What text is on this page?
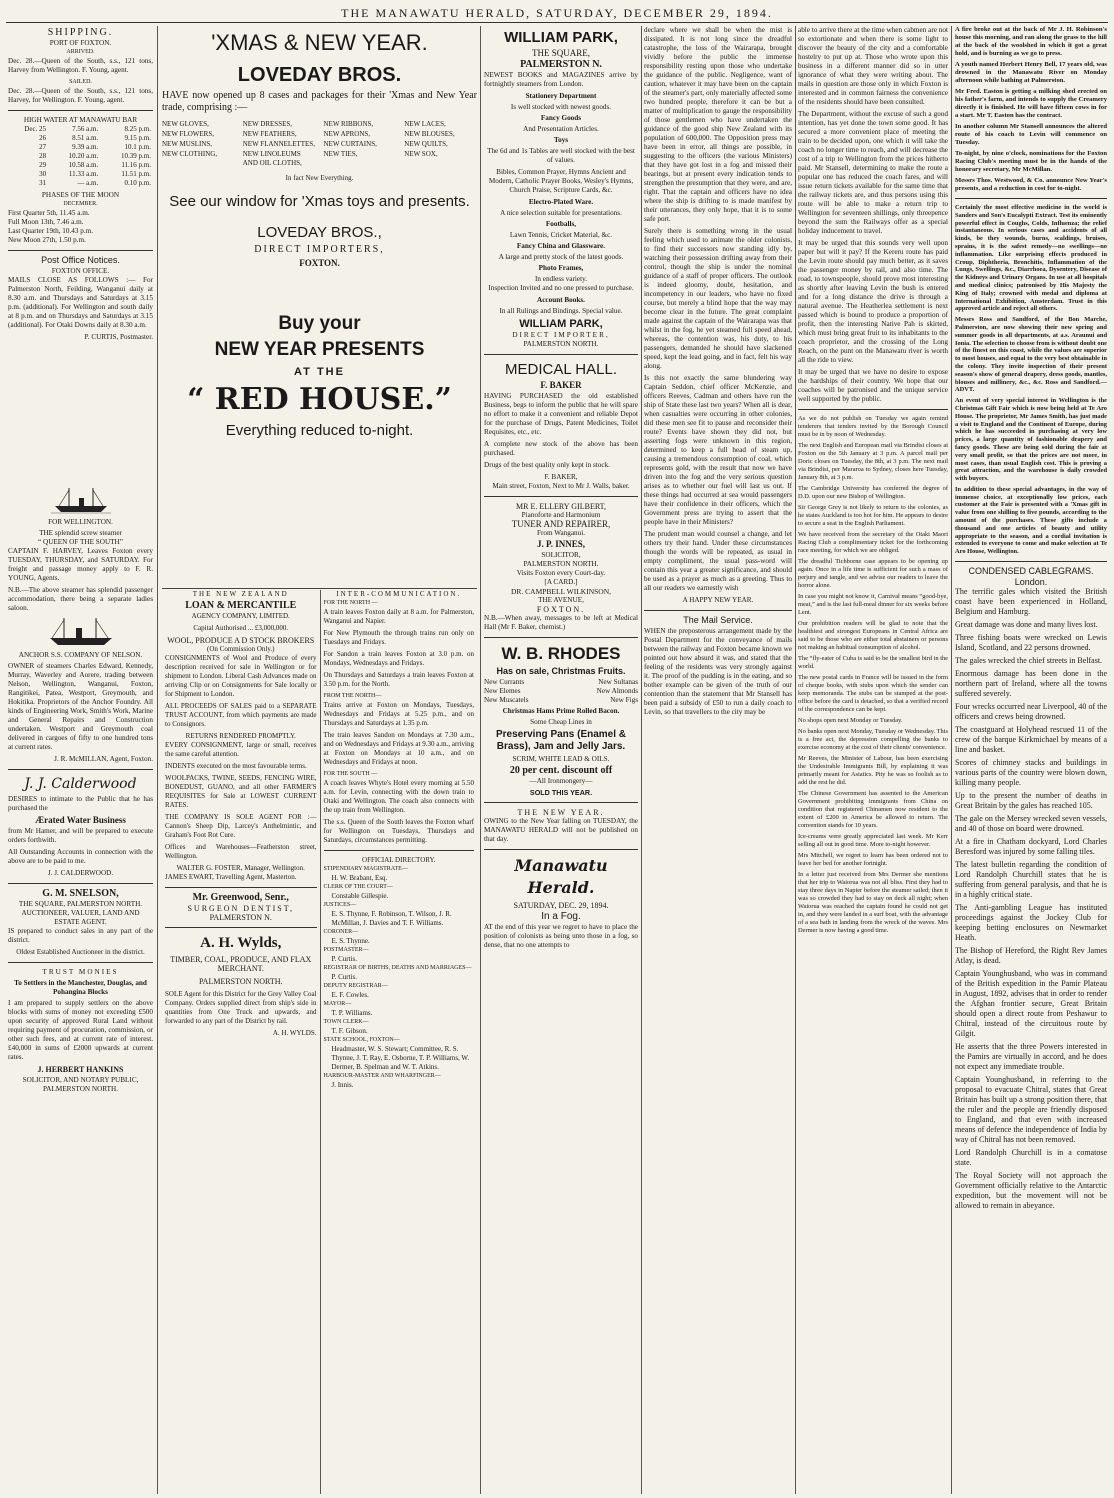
THE MANAWATU HERALD, SATURDAY, DECEMBER 29, 1894.
SHIPPING.
PORT OF FOXTON.
ARRIVED.

Dec. 28.—Queen of the South, s.s., 121 tons, Harvey from Wellington. F. Young, agent.

SAILED.

Dec. 28.—Queen of the South, s.s., 121 tons, Harvey, for Wellington. F. Young, agent.

HIGH WATER AT MANAWATU BAR
Dec. 25	7.56 a.m.	8.25 p.m.
26	8.51 a.m.	9.15 p.m.
27	9.39 a.m.	10.1 p.m.
28	10.20 a.m.	10.39 p.m.
29	10.58 a.m.	11.16 p.m.
30	11.33 a.m.	11.51 p.m.
31	— a.m.	0.10 p.m.
PHASES OF THE MOON
DECEMBER.
First Quarter 5th, 11.45 a.m.
Full Moon 13th, 7.46 a.m.
Last Quarter 19th, 10.43 p.m.
New Moon 27th, 1.50 p.m.
Post Office Notices.
FOXTON OFFICE.

MAILS CLOSE AS FOLLOWS :— For Palmerston North, Feilding, Wanganui daily at 8.30 a.m. and Thursdays and Saturdays at 3.15 p.m. (additional). For Wellington and south daily at 8 p.m. and on Thursdays and Saturdays at 3.15 (additional). For Otaki Downs daily at 8.30 a.m.

P. CURTIS, Postmaster.
FOR WELLINGTON.
THE splendid screw steamer
“ QUEEN OF THE SOUTH”

CAPTAIN F. HARVEY, Leaves Foxton every TUESDAY, THURSDAY, and SATURDAY. For freight and passage money apply to F. R. YOUNG, Agents.

N.B.—The above steamer has splendid passenger accommodation, there being a separate ladies saloon.

ANCHOR S.S. COMPANY OF NELSON.

OWNER of steamers Charles Edward, Kennedy, Murray, Waverley and Aorere, trading between Nelson, Wellington, Wanganui, Foxton, Rangitikei, Patea, Westport, Greymouth, and Hokitika. Proprietors of the Anchor Foundry. All kinds of Engineering Work, Smith's Work, Marine and General Repairs and Construction undertaken. Westport and Greymouth coal delivered in cargoes of fifty to one hundred tons at current rates.

J. R. McMILLAN, Agent, Foxton.
J. J. Calderwood

DESIRES to intimate to the Public that he has purchased the

Ærated Water Business

from Mr Hamer, and will be prepared to execute orders forthwith.

All Outstanding Accounts in connection with the above are to be paid to me.

J. J. CALDERWOOD.
G. M. SNELSON,
THE SQUARE, PALMERSTON NORTH.
AUCTIONEER, VALUER, LAND AND ESTATE AGENT.

IS prepared to conduct sales in any part of the district.

Oldest Established Auctioneer in the district.
TRUST MONIES
To Settlers in the Manchester, Douglas, and Pohangina Blocks

I am prepared to supply settlers on the above blocks with sums of money not exceeding £500 upon security of approved Rural Land without requiring payment of procuration, commission, or other such fees, and at current rate of interest. £40,000 in sums of £2000 upwards at current rates.

J. HERBERT HANKINS
SOLICITOR, AND NOTARY PUBLIC,
PALMERSTON NORTH.
'XMAS & NEW YEAR.
LOVEDAY BROS.

HAVE now opened up 8 cases and packages for their 'Xmas and New Year trade, comprising :—

NEW GLOVES,	NEW DRESSES,	NEW RIBBONS,	NEW LACES,
NEW FLOWERS,	NEW FEATHERS,	NEW APRONS,	NEW BLOUSES,
NEW MUSLINS,	NEW FLANNELETTES, NEW CURTAINS,	NEW QUILTS,
NEW CLOTHING,	NEW LINOLEUMS AND OIL CLOTHS,
NEW TIES,	NEW SOX,
In fact New Everything.
See our window for 'Xmas toys and presents.
LOVEDAY BROS.,
DIRECT IMPORTERS,
FOXTON.
Buy your
NEW YEAR PRESENTS
AT THE
“ RED HOUSE.”
Everything reduced to-night.
THE NEW ZEALAND
LOAN & MERCANTILE
AGENCY COMPANY, LIMITED.
Capital Authorised ... £3,000,000.
WOOL, PRODUCE A D STOCK BROKERS
(On Commission Only.)

CONSIGNMENTS of Wool and Produce of every description received for sale in Wellington or for shipment to London. Liberal Cash Advances made on arriving Clip or on Consignments for Sale locally or for Shipment to London.

ALL PROCEEDS OF SALES paid to a SEPARATE TRUST ACCOUNT, from which payments are made to Consignors.

RETURNS RENDERED PROMPTLY.

EVERY CONSIGNMENT, large or small, receives the same careful attention.

INDENTS executed on the most favourable terms.

WOOLPACKS, TWINE, SEEDS, FENCING WIRE, BONEDUST, GUANO, and all other FARMER'S REQUISITES for Sale at LOWEST CURRENT RATES.

THE COMPANY IS SOLE AGENT FOR :—Cannon's Sheep Dip, Larcey's Anthelmintic, and Graham's Foot Rot Cure.

Offices and Warehouses—Featherston street, Wellington.

WALTER G. FOSTER, Manager, Wellington.
JAMES EWART, Travelling Agent, Masterton.
Mr. Greenwood, Senr.,
SURGEON DENTIST,
PALMERSTON N.
A. H. Wylds,
TIMBER, COAL, PRODUCE, AND FLAX MERCHANT.
PALMERSTON NORTH.

SOLE Agent for this District for the Grey Valley Coal Company. Orders supplied direct from ship's side in quantities from One Truck and upwards, and forwarded to any part of the District by rail.

A. H. WYLDS.
INTER-COMMUNICATION.
FOR THE NORTH —

A train leaves Foxton daily at 8 a.m. for Palmerston, Wanganui and Napier.

For New Plymouth the through trains run only on Tuesdays and Fridays.

For Sandon a train leaves Foxton at 3.0 p.m. on Mondays, Wednesdays and Fridays.

On Thursdays and Saturdays a train leaves Foxton at 3.50 p.m. for the North.

FROM THE NORTH—

Trains arrive at Foxton on Mondays, Tuesdays, Wednesdays and Fridays at 5.25 p.m., and on Thursdays and Saturdays at 1.35 p.m.

The train leaves Sandon on Mondays at 7.30 a.m., and on Wednesdays and Fridays at 9.30 a.m., arriving at Foxton on Mondays at 10 a.m., and on Wednesdays and Fridays at noon.

FOR THE SOUTH —

A coach leaves Whyte's Hotel every morning at 5.50 a.m. for Levin, connecting with the down train to Otaki and Wellington. The coach also connects with the up train from Wellington.

The s.s. Queen of the South leaves the Foxton wharf for Wellington on Tuesdays, Thursdays and Saturdays, circumstances permitting.

OFFICIAL DIRECTORY.
STIPENDIARY MAGISTRATE—
H. W. Brabant, Esq.
CLERK OF THE COURT—
Constable Gillespie.
JUSTICES—
E. S. Thynne, F. Robinson, T. Wilson, J. R. McMillan, J. Davies and T. F. Williams.
CORONER—
E. S. Thynne.
POSTMASTER—
P. Curtis.
REGISTRAR OF BIRTHS, DEATHS AND MARRIAGES—
P. Curtis.
DEPUTY REGISTRAR—
E. F. Cowles.
MAYOR—
T. P. Williams.
TOWN CLERK—
T. F. Gibson.
STATE SCHOOL, FOXTON—
Headmaster, W. S. Stewart; Committee, R. S. Thynne, J. T. Ray, E. Osborne, T. P. Williams, W. Dermer, B. Spelman and W. T. Atkins.
HARBOUR-MASTER AND WHARFINGER—
J. Innis.
WILLIAM PARK,
THE SQUARE,
PALMERSTON N.

NEWEST BOOKS and MAGAZINES arrive by fortnightly steamers from London.

Stationery Department
Is well stocked with newest goods.
Fancy Goods
And Presentation Articles.
Toys

The 6d and 1s Tables are well stocked with the best of values.

Bibles, Common Prayer, Hymns Ancient and Modern, Catholic Prayer Books, Wesley's Hymns, Church Praise, Scripture Cards, &c.

Electro-Plated Ware.
A nice selection suitable for presentations.
Footballs,
Lawn Tennis, Cricket Material, &c.
Fancy China and Glassware.
A large and pretty stock of the latest goods.
Photo Frames,
In endless variety.

Inspection Invited and no one pressed to purchase.

Account Books.
In all Rulings and Bindings. Special value.
WILLIAM PARK,
DIRECT IMPORTER,
PALMERSTON NORTH.
MEDICAL HALL.
F. BAKER

HAVING PURCHASED the old established Business, begs to inform the public that he will spare no effort to make it a convenient and reliable Depot for the purchase of Drugs, Patent Medicines, Toilet Requisites, etc., etc.

A complete new stock of the above has been purchased.

Drugs of the best quality only kept in stock.

F. BAKER,
Main street, Foxton, Next to Mr J. Walls, baker.
MR E. ELLERY GILBERT,
Pianoforte and Harmonium
TUNER AND REPAIRER,
From Wanganui.
J. P. INNES,
SOLICITOR,
PALMERSTON NORTH.
Visits Foxton every Court-day.
[A CARD.]
DR. CAMPBELL WILKINSON,
THE AVENUE,
FOXTON.

N.B.—When away, messages to be left at Medical Hall (Mr F. Baker, chemist.)

W. B. RHODES
Has on sale, Christmas Fruits.
New Currants
New Elemes
New Muscatels
New Sultanas
New Almonds
New Figs
Christmas Hams Prime Rolled Bacon.
Some Cheap Lines in
Preserving Pans (Enamel & Brass), Jam and Jelly Jars.
SCRIM, WHITE LEAD & OILS.
20 per cent. discount off
—All Ironmongery—
SOLD THIS YEAR.
THE NEW YEAR.

OWING to the New Year falling on TUESDAY, the MANAWATU HERALD will not be published on that day.

Manawatu Herald.
SATURDAY, DEC. 29, 1894.
In a Fog.

AT the end of this year we regret to have to place the position of colonists as being unto those in a fog, so dense, that no one attempts to

declare where we shall be when the mist is dissipated. It is not long since the dreadful catastrophe, the loss of the Wairarapa, brought vividly before the public the immense responsibility resting upon those who undertake the guidance of the public. Negligence, want of caution, whatever it may have been on the captain of the steamer's part, only materially affected some two hundred people, therefore it can be but a matter of multiplication to gauge the responsibility of those gentlemen who have undertaken the guidance of the good ship New Zealand with its population of 600,000. The Opposition press may have been in error, all things are possible, in suggesting to the officers (the various Ministers) that they have got lost in a fog and missed their bearings, but at present every indication tends to strengthen the presumption that they were, and are, right. That the captain and officers have no idea where the ship is drifting to is made manifest by their utterances, they only hope, that it is to some safe port.

Surely there is something wrong in the usual feeling which used to animate the older colonists, to find their successors now standing idly by, watching their possession drifting away from their control, though the ship is under the nominal guidance of a staff of proper officers. The outlook is indeed gloomy, doubt, hesitation, and incompetency in our leaders, who have no fixed course, but merely a blind hope that the way may become clear in the future. The great complaint made against the captain of the Wairarapa was that whilst in the fog, he yet steamed full speed ahead, whereas, the contention was, his duty, to his passengers, demanded he should have slackened speed, kept the lead going, and in fact, felt his way along.

Is this not exactly the same blundering way Captain Seddon, chief officer McKenzie, and officers Reeves, Cadman and others have run the ship of State these last two years? When all is dear, when casualties were occurring in other colonies, did these men see fit to pause and reconsider their route? Events have shown they did not, but asserting fogs were unknown in this region, determined to keep a full head of steam up, causing a tremendous consumption of coal, which represents gold, with the result that now we have driven into the fog and the very serious question arises as to whether our fuel will last us out. If these things had occurred at sea would passengers have their confidence in their officers, which the Government press are trying to assert that the people have in their Ministers?

The prudent man would counsel a change, and let others try their hand. Under these circumstances though the words will be repeated, as usual in empty compliment, the usual pass-word will contain this year a greater significance, and should be used as a prayer as much as a greeting. Thus to all our readers we earnestly wish

A HAPPY NEW YEAR.
The Mail Service.

WHEN the preposterous arrangement made by the Postal Department for the conveyance of mails between the railway and Foxton became known we pointed out how absurd it was, and stated that the feeling of the residents was very strongly against it. The proof of the pudding is in the eating, and so bother example can be given of the truth of our contention than the statement that Mr Stansell has been paid a subsidy of £50 to run a daily coach to Levin, so that travellers to the city may be

able to arrive there at the time when cabmen are not so extortionate and when there is some light to discover the beauty of the city and a comfortable hostelry to put up at. Those who wrote upon this business in a different manner did so in utter ignorance of what they were writing about. The mails in question are those only in which Foxton is interested and in common fairness the convenience of the residents should have been consulted.

The Department, without the excuse of such a good intention, has yet done the town some good. It has secured a more convenient place of meeting the train to be decided upon, one which it will take the coach no longer time to reach, and will decrease the cost of a trip to Wellington from the prices hitherto paid. Mr Stansell, determining to make the route a popular one has reduced the coach fares, and will issue return tickets available for the same time that the railway tickets are, and thus persons using this route will be able to make a return trip to Wellington for seventeen shillings, only threepence beyond the sum the Railways offer as a special holiday inducement to travel.

It may be urged that this sounds very well upon paper but will it pay? If the Kereru route has paid the Levin route should pay much better, as it saves the passenger money by rail, and also time. The road, to townspeople, should prove most interesting as shortly after leaving Levin the bush is entered and for a long distance the drive is through a natural avenue. The Heatherlea settlement is next passed which is bound to produce a proportion of profit, then the interesting Native Pah is skirted, which must bring great fruit to its inhabitants to the coach proprietor, and the crossing of the Long Reach, on the punt on the Manawatu river is worth all the ride to view.

It may be urged that we have no desire to expose the hardships of their country. We hope that our coaches will be patronised and the unique service well supported by the public.

As we do not publish on Tuesday we again remind tenderers that tenders invited by the Borough Council must be in by noon of Wednesday.

The next English and European mail via Brindisi closes at Foxton on the 5th January at 3 p.m. A parcel mail per Doric closes on Tuesday, the 8th, at 3 p.m. The next mail via Brindisi, per Mararoa to Sydney, closes here Tuesday, January 8th, at 3 p.m.

The Cambridge University has conferred the degree of D.D. upon our new Bishop of Wellington.

Sir George Grey is not likely to return to the colonies, as he states Auckland is too hot for him. He appears to desire to secure a seat in the English Parliament.

We have received from the secretary of the Otaki Maori Racing Club a complimentary ticket for the forthcoming race meeting, for which we are obliged.

The dreadful Tichborne case appears to be opening up again. Once in a life time is sufficient for such a mass of perjury and tangle, and we advise our readers to leave the horror alone.

In case you might not know it, Carnival means “good-bye, meat,” and is the last full-meal dinner for six weeks before Lent.

Our prohibition readers will be glad to note that the healthiest and strongest Europeans in Central Africa are said to be those who are either total abstainers or persons not making an habitual consumption of alcohol.

The “fly-eater of Cuba is said to be the smallest bird in the world.

The new postal cards in France will be issued in the form of cheque books, with stubs upon which the sender can keep memoranda. The stubs can be stamped at the post-office before the card is detached, so that a verified record of the correspondence can be kept.

No shops open next Monday or Tuesday.

No banks open next Monday, Tuesday or Wednesday. This is a free act, the depression compelling the banks to exercise economy at the cost of their clients' convenience.

Mr Reeves, the Minister of Labour, has been exercising the Undesirable Immigrants Bill, by explaining it was primarily meant for Asiatics. Pity he was so foolish as to add the rest he did.

The Chinese Government has assented to the American Government prohibiting immigrants from China on condition that registered Chinamen now resident to the extent of £200 in America be allowed to return. The convention stands for 10 years.

Ice-creams were greatly appreciated last week. Mr Kerr selling all out in good time. More to-night however.

Mrs Mitchell, we regret to learn has been ordered not to leave her bed for another fortnight.

In a letter just received from Mrs Dermer she mentions that her trip to Waiorua was not all bliss. First they had to stay three days in Napier before the steamer sailed; then it was so crowded they had to stay on deck all night; when Waiorua was reached the captain found he could not get in, and they were landed in a surf boat, with the advantage of a sea bath in landing from the wreck of the waves. Mrs Dermer is now having a good time.

A fire broke out at the back of Mr J. H. Robinson's house this morning, and ran along the grass to the hill at the back of the woolshed in which it got a great hold, and is burning as we go to press.

A youth named Herbert Henry Bell, 17 years old, was drowned in the Manawatu River on Monday afternoon while bathing at Palmerston.

Mr Fred. Easton is getting a milking shed erected on his father's farm, and intends to supply the Creamery directly it is finished. He will have fifteen cows in for a start. Mr T. Easton has the contract.

In another column Mr Stansell announces the altered route of his coach to Levin will commence on Tuesday.

To-night, by nine o'clock, nominations for the Foxton Racing Club's meeting must be in the hands of the honorary secretary, Mr McMillan.

Messrs Thos. Westwood, & Co. announce New Year's presents, and a reduction in cost for to-night.

Certainly the most effective medicine in the world is Sanders and Son's Eucalypti Extract. Test its eminently powerful effect in Coughs, Colds, Influenza; the relief instantaneous. In serious cases and accidents of all kinds, be they wounds, burns, scaldings, bruises, sprains, it is the safest remedy—no swellings—no inflammation. Like surprising effects produced in Croup, Diphtheria, Bronchitis, Inflammation of the Lungs, Swellings, &c., Diarrhoea, Dysentery, Disease of the Kidneys and Urinary Organs. In use at all hospitals and medical clinics; patronised by His Majesty the King of Italy; crowned with medal and diploma at International Exhibition, Amsterdam. Trust in this approved article and reject all others.

Messrs Ross and Sandford, of the Bon Marche, Palmerston, are now showing their new spring and summer goods in all departments, at a.s. Araunui and Ionia. The selection to choose from is without doubt one of the finest on this coast, while the values are superior to most houses, and equal to the very best obtainable in the colony. They invite inspection of their present season's show of general drapery, dress goods, mantles, blouses and millinery, &c., &c. Ross and Sandford.—ADVT.

An event of very special interest in Wellington is the Christmas Gift Fair which is now being held at Te Aro House. The proprietor, Mr James Smith, has just made a visit to England and the Continent of Europe, during which he has succeeded in purchasing at very low prices, a large quantity of fashionable drapery and fancy goods. These are being sold during the fair at very small profit, so that the prices are not more, in most cases, than usual English cost. This is proving a great attraction, and the warehouse is daily crowded with buyers.

In addition to these special advantages, in the way of immense choice, at exceptionally low prices, each customer at the Fair is presented with a 'Xmas gift in value from one shilling to five pounds, according to the amount of the purchases. These gifts include a thousand and one articles of beauty and utility appropriate to the season, and a cordial invitation is extended to everyone to come and make selection at Te Aro House, Wellington.

CONDENSED CABLEGRAMS.
London.

The terrific gales which visited the British coast have been experienced in Holland, Belgium and Hamburg.

Great damage was done and many lives lost.

Three fishing boats were wrecked on Lewis Island, Scotland, and 22 persons drowned.

The gales wrecked the chief streets in Belfast.

Enormous damage has been done in the northern part of Ireland, where all the towns suffered severely.

Four wrecks occurred near Liverpool, 40 of the officers and crews being drowned.

The coastguard at Holyhead rescued 11 of the crew of the barque Kirkmichael by means of a line and basket.

Scores of chimney stacks and buildings in various parts of the country were blown down, killing many people.

Up to the present the number of deaths in Great Britain by the gales has reached 105.

The gale on the Mersey wrecked seven vessels, and 40 of those on board were drowned.

At a fire in Chatham dockyard, Lord Charles Beresford was injured by some falling tiles.

The latest bulletin regarding the condition of Lord Randolph Churchill states that he is suffering from general paralysis, and that he is in a highly critical state.

The Anti-gambling League has instituted proceedings against the Jockey Club for keeping betting enclosures on Newmarket Heath.

The Bishop of Hereford, the Right Rev James Atlay, is dead.

Captain Younghusband, who was in command of the British expedition in the Pamir Plateau in August, 1892, advises that in order to render the Afghan frontier secure, Great Britain should open a direct route from Peshawur to Chitral, instead of the circuitous route by Gilgit.

He asserts that the three Powers interested in the Pamirs are virtually in accord, and he does not expect any immediate trouble.

Captain Younghusband, in referring to the proposal to evacuate Chitral, states that Great Britain has built up a strong position there, that the ruler and the people are friendly disposed to England, and that even with increased means of defence the independence of India by way of Chitral has not been removed.

Lord Randolph Churchill is in a comatose state.

The Royal Society will not approach the Government officially relative to the Antarctic expedition, but the movement will not be allowed to remain in abeyance.
